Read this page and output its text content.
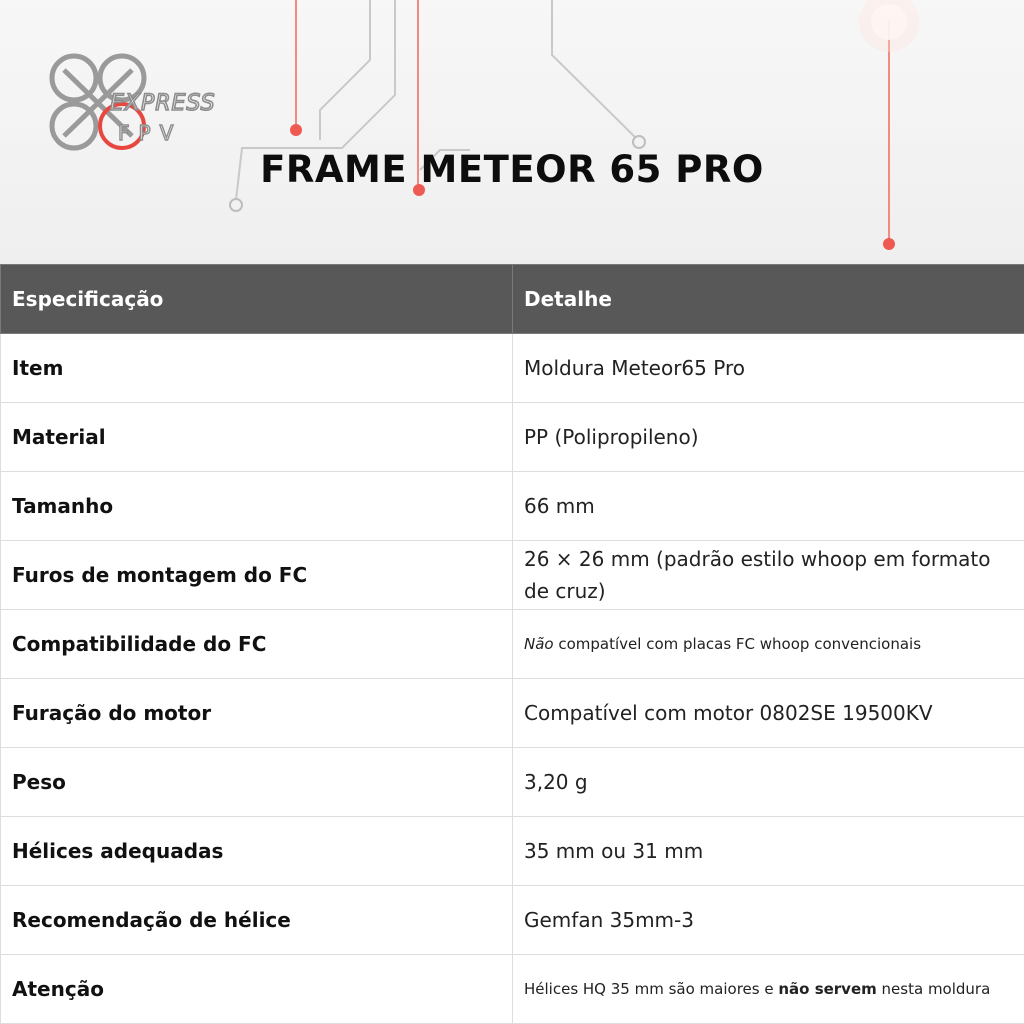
EXPRESS
FPV
FRAME METEOR 65 PRO
Especificação	Detalhe
Item	Moldura Meteor65 Pro
Material	PP (Polipropileno)
Tamanho	66 mm
Furos de montagem do FC	26 × 26 mm (padrão estilo whoop em formato de cruz)
Compatibilidade do FC	Não compatível com placas FC whoop convencionais
Furação do motor	Compatível com motor 0802SE 19500KV
Peso	3,20 g
Hélices adequadas	35 mm ou 31 mm
Recomendação de hélice	Gemfan 35mm-3
Atenção	Hélices HQ 35 mm são maiores e não servem nesta moldura
